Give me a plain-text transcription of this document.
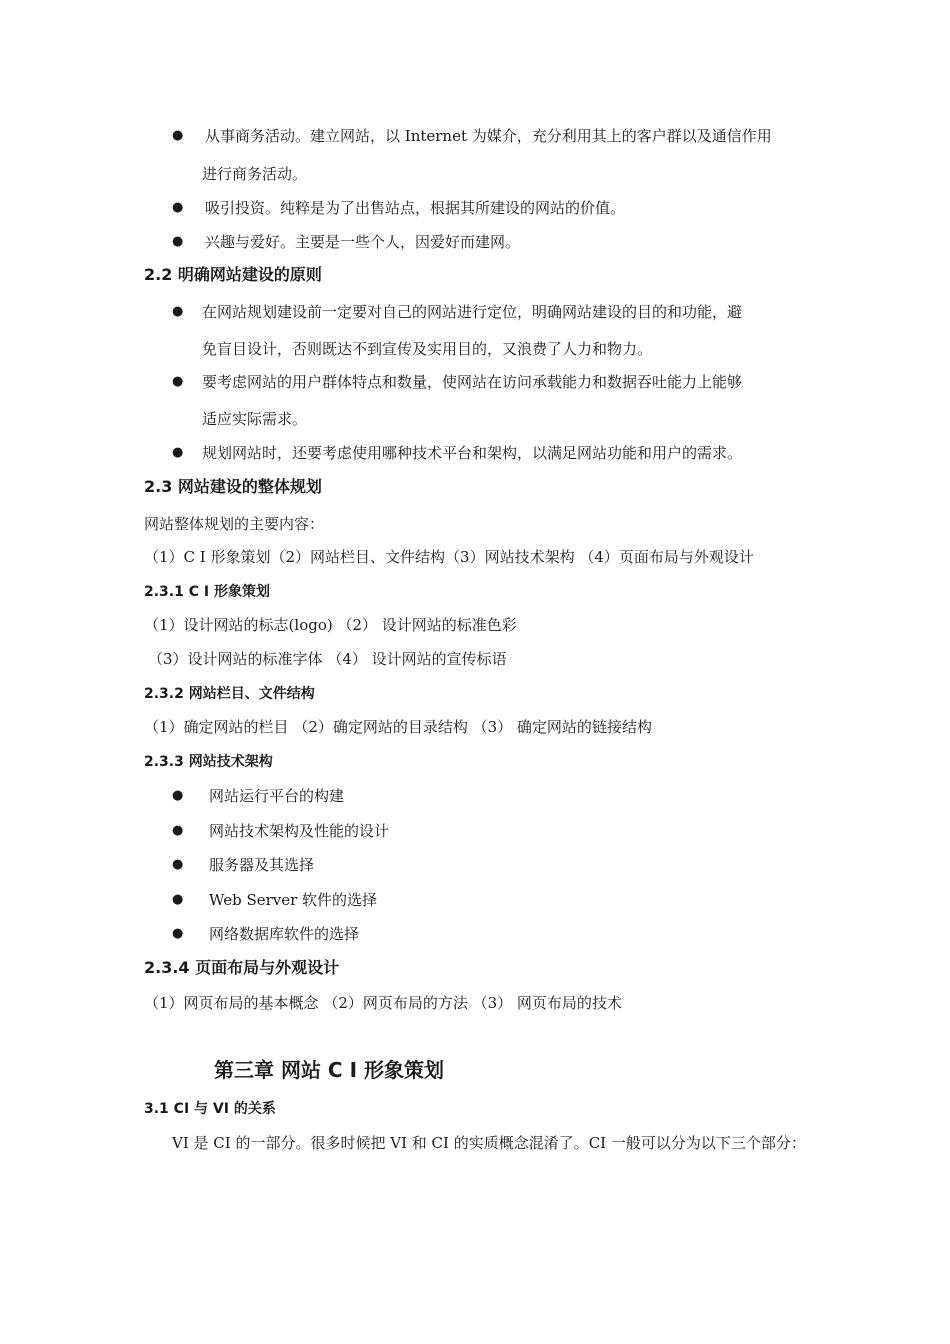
● 从事商务活动。建立网站，以 Internet 为媒介，充分利用其上的客户群以及通信作用
进行商务活动。
● 吸引投资。纯粹是为了出售站点，根据其所建设的网站的价值。
● 兴趣与爱好。主要是一些个人，因爱好而建网。
2.2 明确网站建设的原则
● 在网站规划建设前一定要对自己的网站进行定位，明确网站建设的目的和功能，避
免盲目设计，否则既达不到宣传及实用目的，又浪费了人力和物力。
● 要考虑网站的用户群体特点和数量，使网站在访问承载能力和数据吞吐能力上能够
适应实际需求。
● 规划网站时，还要考虑使用哪种技术平台和架构，以满足网站功能和用户的需求。
2.3 网站建设的整体规划
网站整体规划的主要内容：
（1）C I 形象策划（2）网站栏目、文件结构（3）网站技术架构 （4）页面布局与外观设计
2.3.1 C I 形象策划
（1）设计网站的标志(logo) （2） 设计网站的标准色彩
（3）设计网站的标准字体 （4） 设计网站的宣传标语
2.3.2 网站栏目、文件结构
（1）确定网站的栏目 （2）确定网站的目录结构 （3） 确定网站的链接结构
2.3.3 网站技术架构
● 网站运行平台的构建
● 网站技术架构及性能的设计
● 服务器及其选择
● Web Server 软件的选择
● 网络数据库软件的选择
2.3.4 页面布局与外观设计
（1）网页布局的基本概念 （2）网页布局的方法 （3） 网页布局的技术
第三章 网站 C I 形象策划
3.1 CI 与 VI 的关系
VI 是 CI 的一部分。很多时候把 VI 和 CI 的实质概念混淆了。CI 一般可以分为以下三个部分：
